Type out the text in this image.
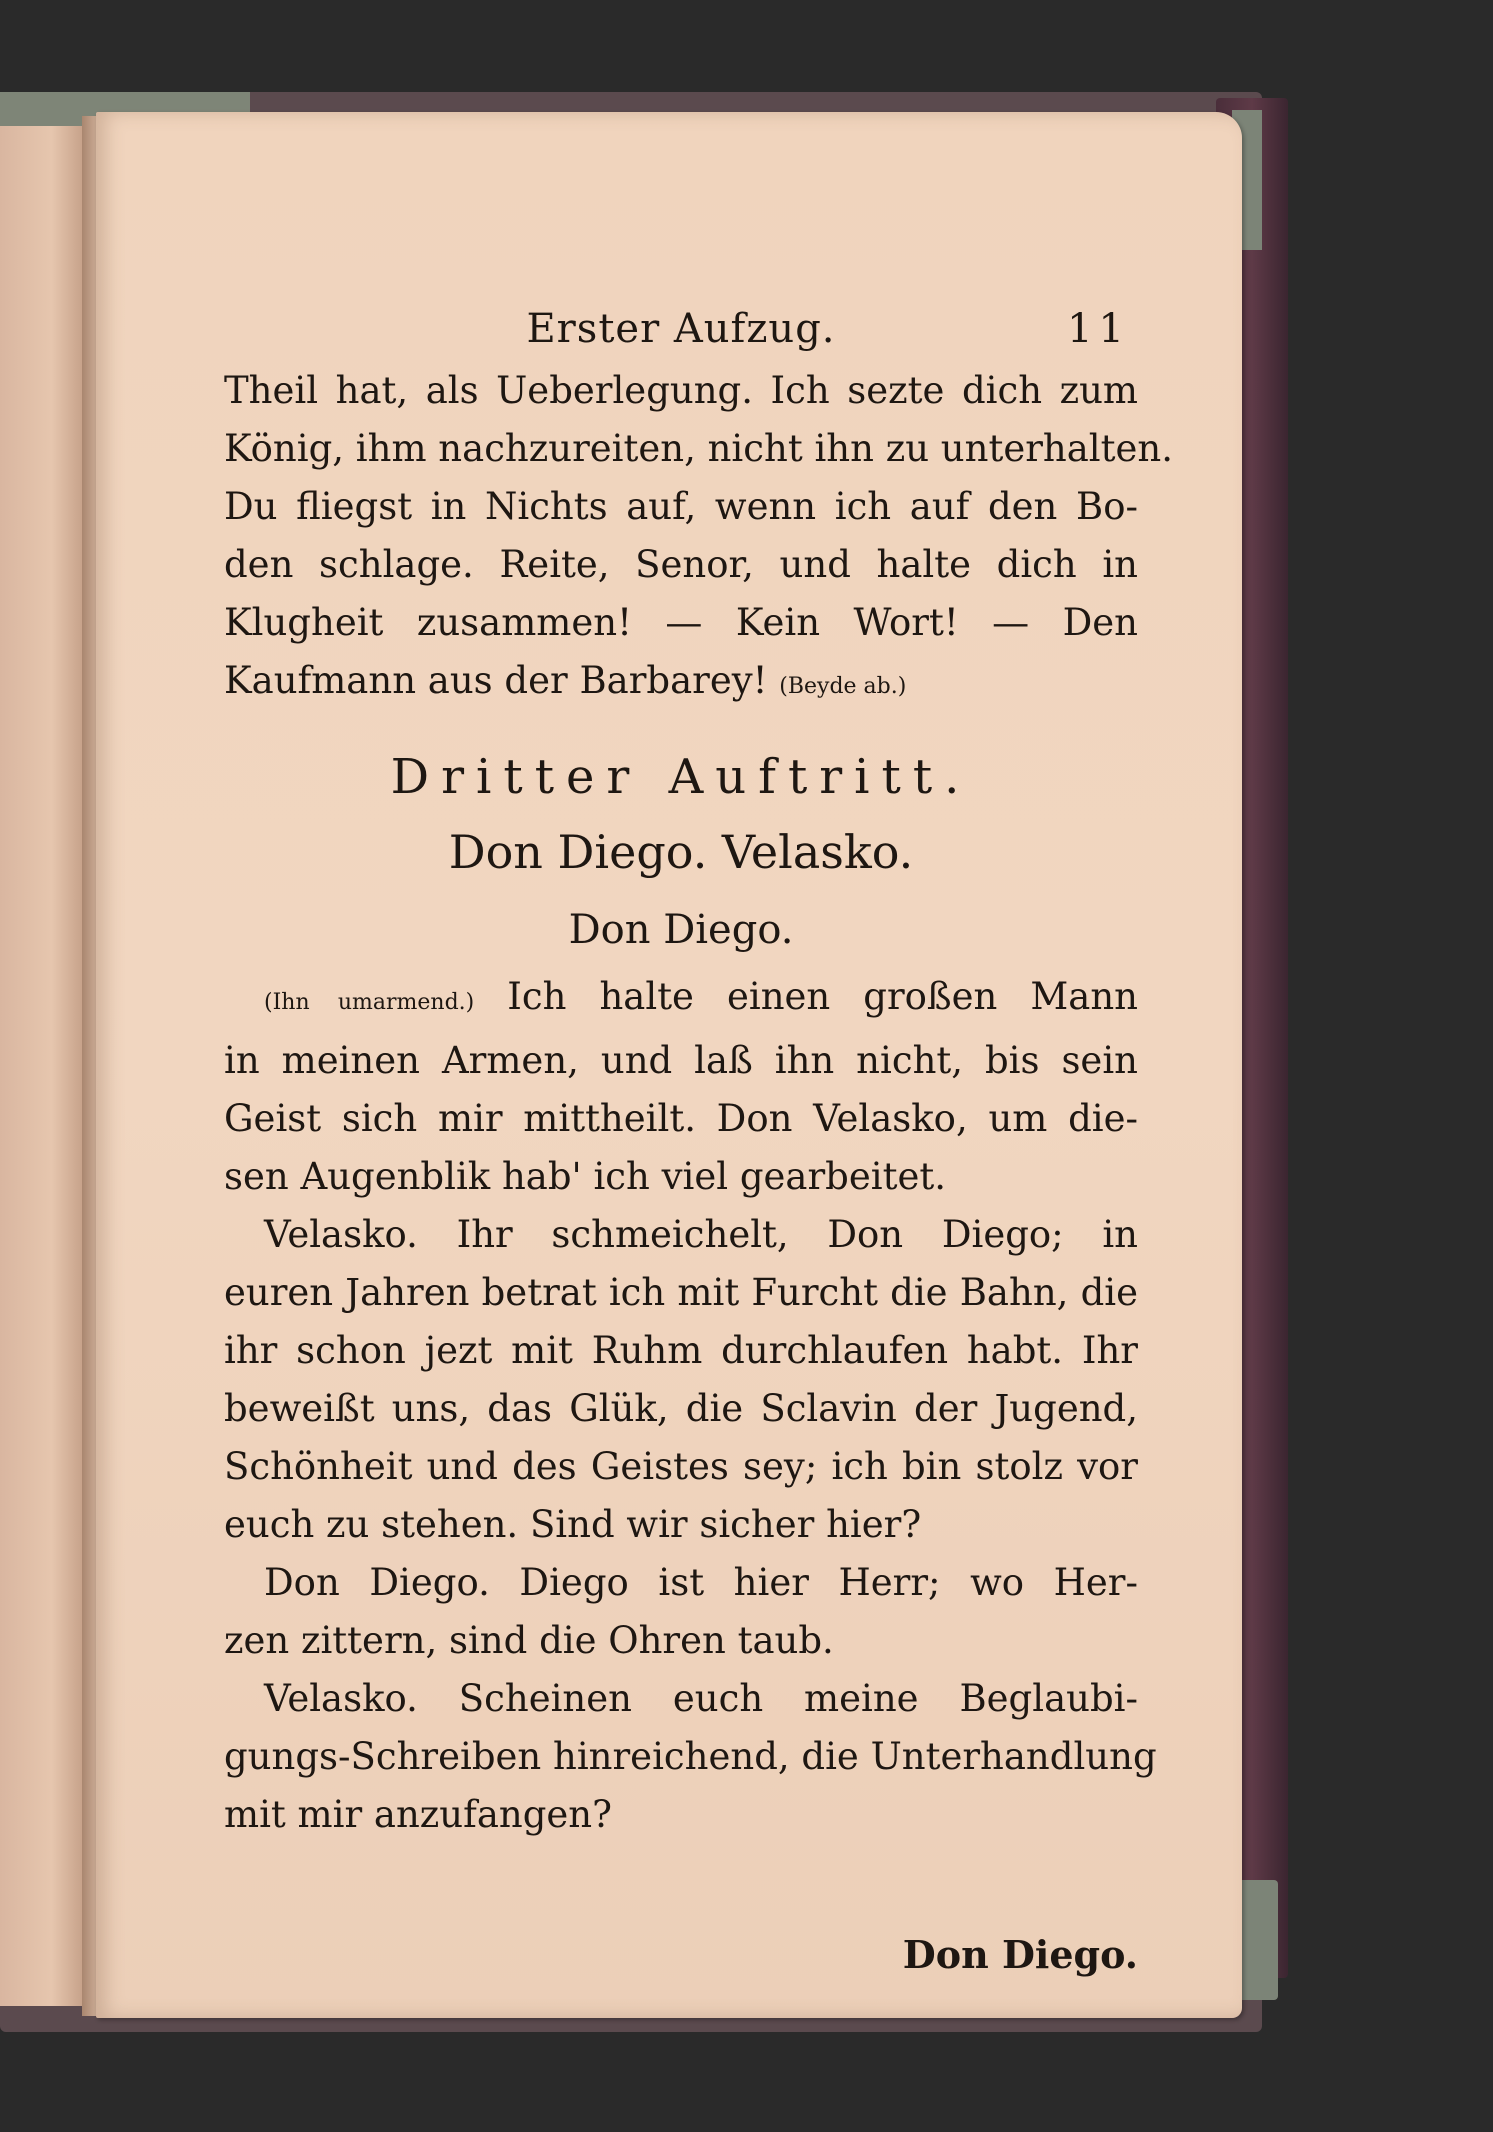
Erster Aufzug.	11
Theil hat, als Ueberlegung. Ich sezte dich zum
König, ihm nachzureiten, nicht ihn zu unterhalten.
Du fliegst in Nichts auf, wenn ich auf den Bo-
den schlage. Reite, Senor, und halte dich in
Klugheit zusammen! — Kein Wort! — Den
Kaufmann aus der Barbarey! (Beyde ab.)
Dritter Auftritt.
Don Diego. Velasko.
Don Diego.
(Ihn umarmend.) Ich halte einen großen Mann
in meinen Armen, und laß ihn nicht, bis sein
Geist sich mir mittheilt. Don Velasko, um die-
sen Augenblik hab' ich viel gearbeitet.
Velasko. Ihr schmeichelt, Don Diego; in
euren Jahren betrat ich mit Furcht die Bahn, die
ihr schon jezt mit Ruhm durchlaufen habt. Ihr
beweißt uns, das Glük, die Sclavin der Jugend,
Schönheit und des Geistes sey; ich bin stolz vor
euch zu stehen. Sind wir sicher hier?
Don Diego. Diego ist hier Herr; wo Her-
zen zittern, sind die Ohren taub.
Velasko. Scheinen euch meine Beglaubi-
gungs-Schreiben hinreichend, die Unterhandlung
mit mir anzufangen?
Don Diego.
